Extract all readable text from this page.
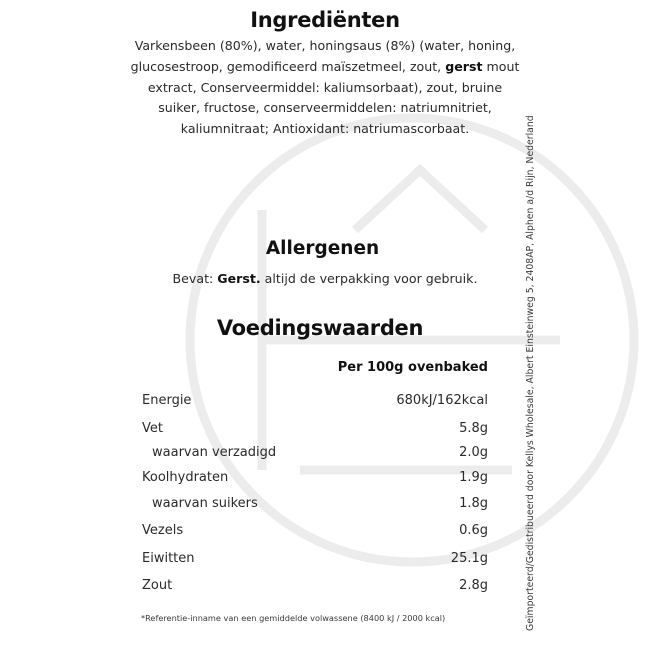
Ingrediënten
Varkensbeen (80%), water, honingsaus (8%) (water, honing, glucosestroop, gemodificeerd maïszetmeel, zout, gerst mout extract, Conserveermiddel: kaliumsorbaat), zout, bruine suiker, fructose, conserveermiddelen: natriumnitriet, kaliumnitraat; Antioxidant: natriumascorbaat.
Allergenen
Bevat: Gerst. altijd de verpakking voor gebruik.
Voedingswaarden
Per 100g ovenbaked
Energie	680kJ/162kcal
Vet	5.8g
waarvan verzadigd	2.0g
Koolhydraten	1.9g
waarvan suikers	1.8g
Vezels	0.6g
Eiwitten	25.1g
Zout	2.8g
*Referentie-inname van een gemiddelde volwassene (8400 kJ / 2000 kcal)	Geïmporteerd/Gedistribueerd door Kellys Wholesale, Albert Einsteinweg 5, 2408AP, Alphen a/d Rijn, Nederland
